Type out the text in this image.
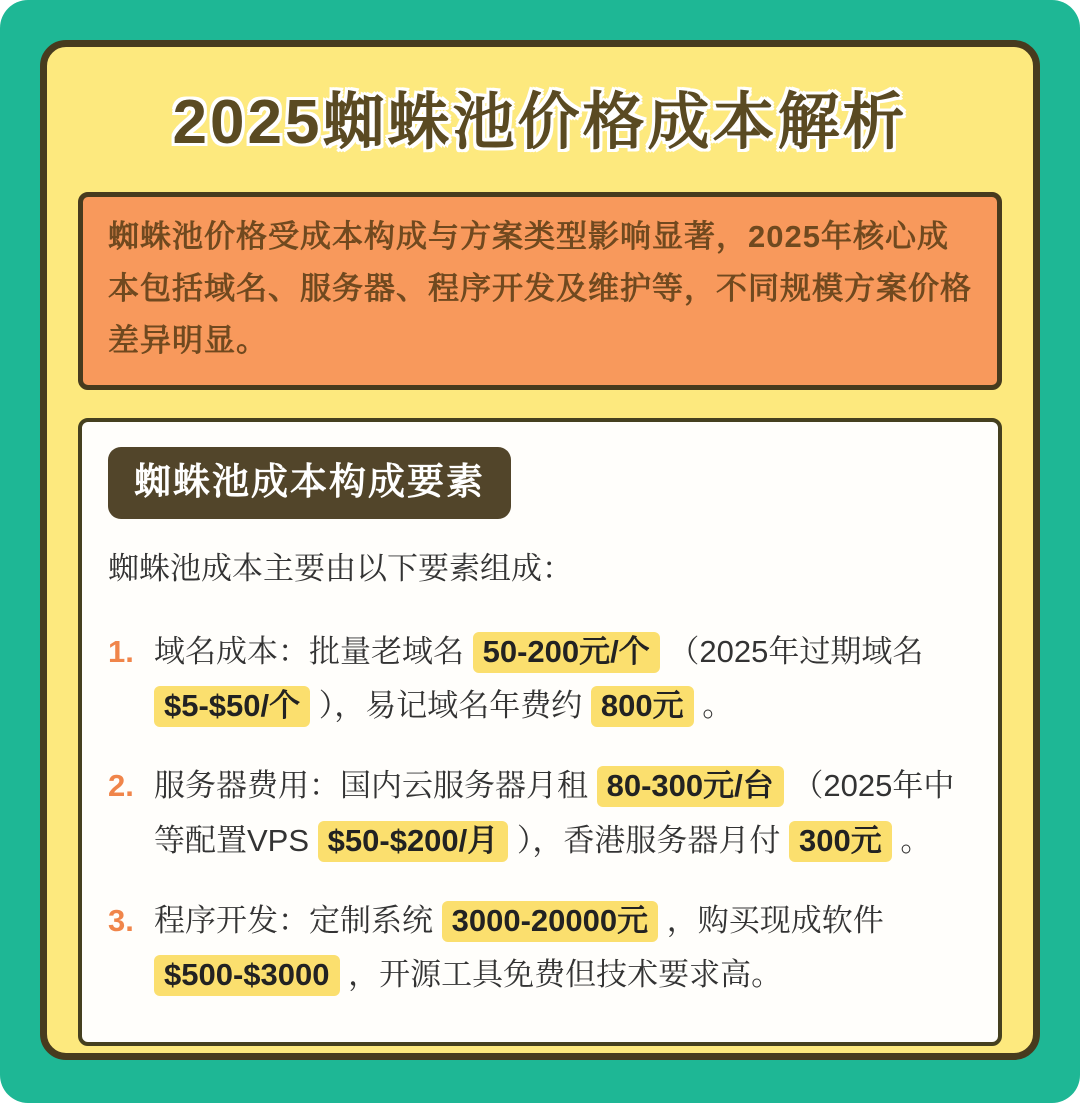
2025蜘蛛池价格成本解析

蜘蛛池价格受成本构成与方案类型影响显著，2025年核心成本包括域名、服务器、程序开发及维护等，不同规模方案价格差异明显。

蜘蛛池成本构成要素

蜘蛛池成本主要由以下要素组成：

1. 域名成本：批量老域名 50-200元/个 （2025年过期域名 $5-$50/个 ），易记域名年费约 800元 。
2. 服务器费用：国内云服务器月租 80-300元/台 （2025年中等配置VPS $50-$200/月 ），香港服务器月付 300元 。
3. 程序开发：定制系统 3000-20000元 ，购买现成软件 $500-$3000 ，开源工具免费但技术要求高。
